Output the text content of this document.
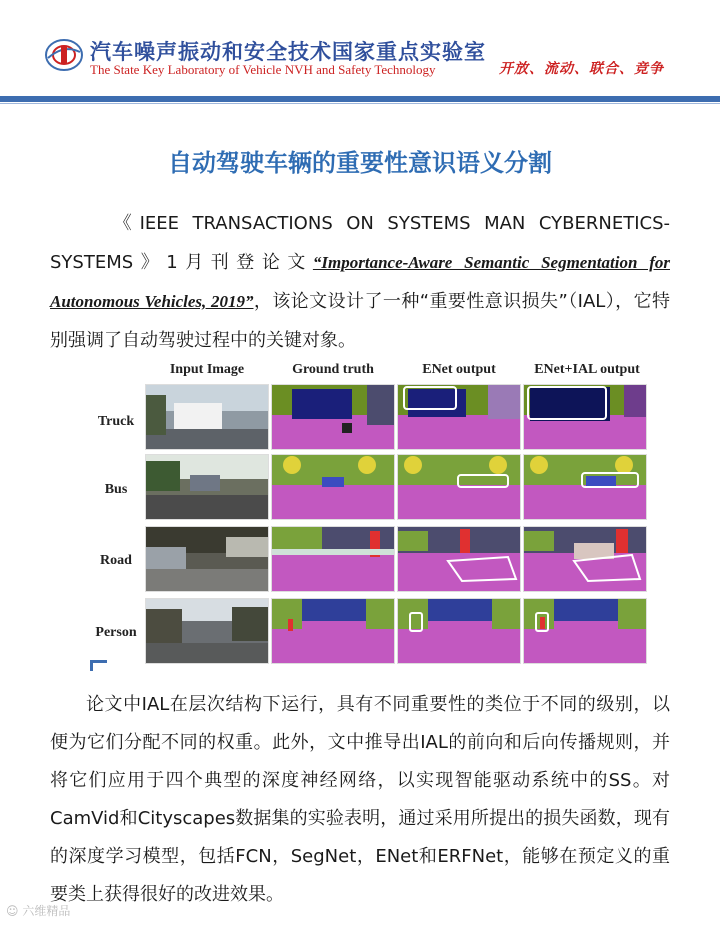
汽车噪声振动和安全技术国家重点实验室
The State Key Laboratory of Vehicle NVH and Safety Technology	开放、流动、联合、竞争
自动驾驶车辆的重要性意识语义分割
《IEEE TRANSACTIONS ON SYSTEMS MAN CYBERNETICS-SYSTEMS》1月刊登论文“Importance-Aware Semantic Segmentation for Autonomous Vehicles, 2019”，该论文设计了一种“重要性意识损失”（IAL），它特别强调了自动驾驶过程中的关键对象。
Input Image	Ground truth	ENet output	ENet+IAL output
Truck
Bus
Road
Person
论文中IAL在层次结构下运行，具有不同重要性的类位于不同的级别，以便为它们分配不同的权重。此外，文中推导出IAL的前向和后向传播规则，并将它们应用于四个典型的深度神经网络，以实现智能驱动系统中的SS。对CamVid和Cityscapes数据集的实验表明，通过采用所提出的损失函数，现有的深度学习模型，包括FCN，SegNet，ENet和ERFNet，能够在预定义的重要类上获得很好的改进效果。
☺ 六维精品
